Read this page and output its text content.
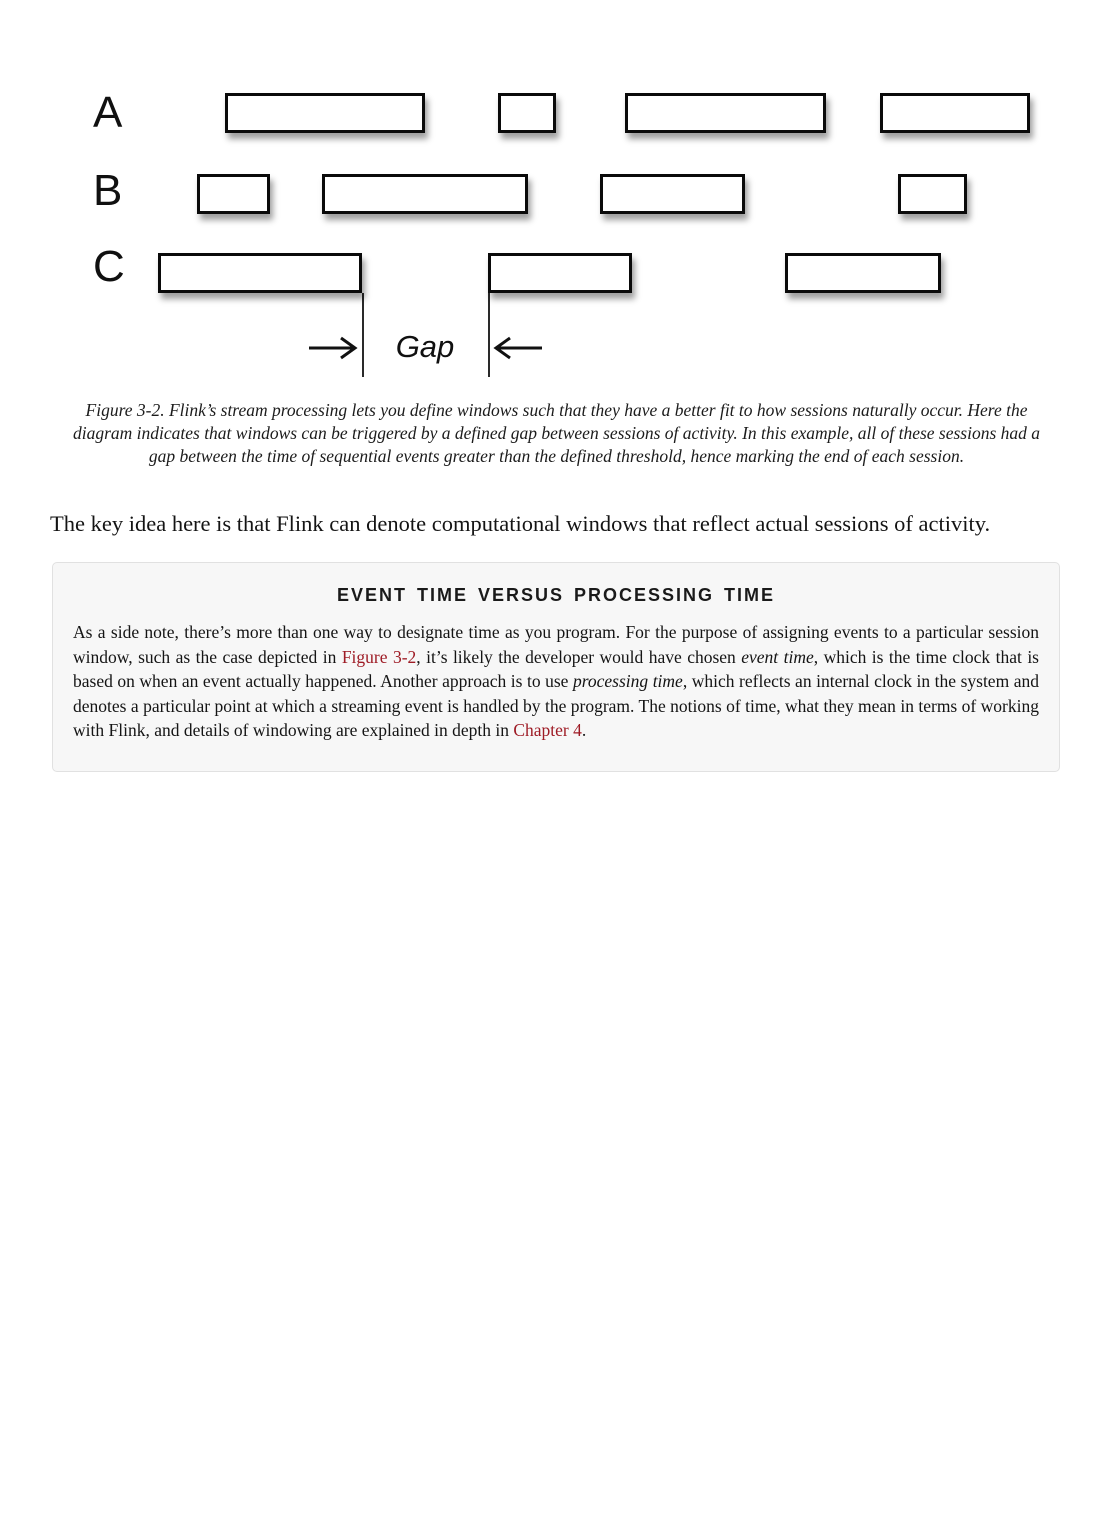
Gap
A
B
C

Figure 3-2. Flink’s stream processing lets you define windows such that they have a better fit to how sessions naturally occur. Here the diagram indicates that windows can be triggered by a defined gap between sessions of activity. In this example, all of these sessions had a gap between the time of sequential events greater than the defined threshold, hence marking the end of each session.

The key idea here is that Flink can denote computational windows that reflect actual sessions of activity.

EVENT TIME VERSUS PROCESSING TIME

As a side note, there’s more than one way to designate time as you program. For the purpose of assigning events to a particular session window, such as the case depicted in Figure 3-2, it’s likely the developer would have chosen event time, which is the time clock that is based on when an event actually happened. Another approach is to use processing time, which reflects an internal clock in the system and denotes a particular point at which a streaming event is handled by the program. The notions of time, what they mean in terms of working with Flink, and details of windowing are explained in depth in Chapter 4.
